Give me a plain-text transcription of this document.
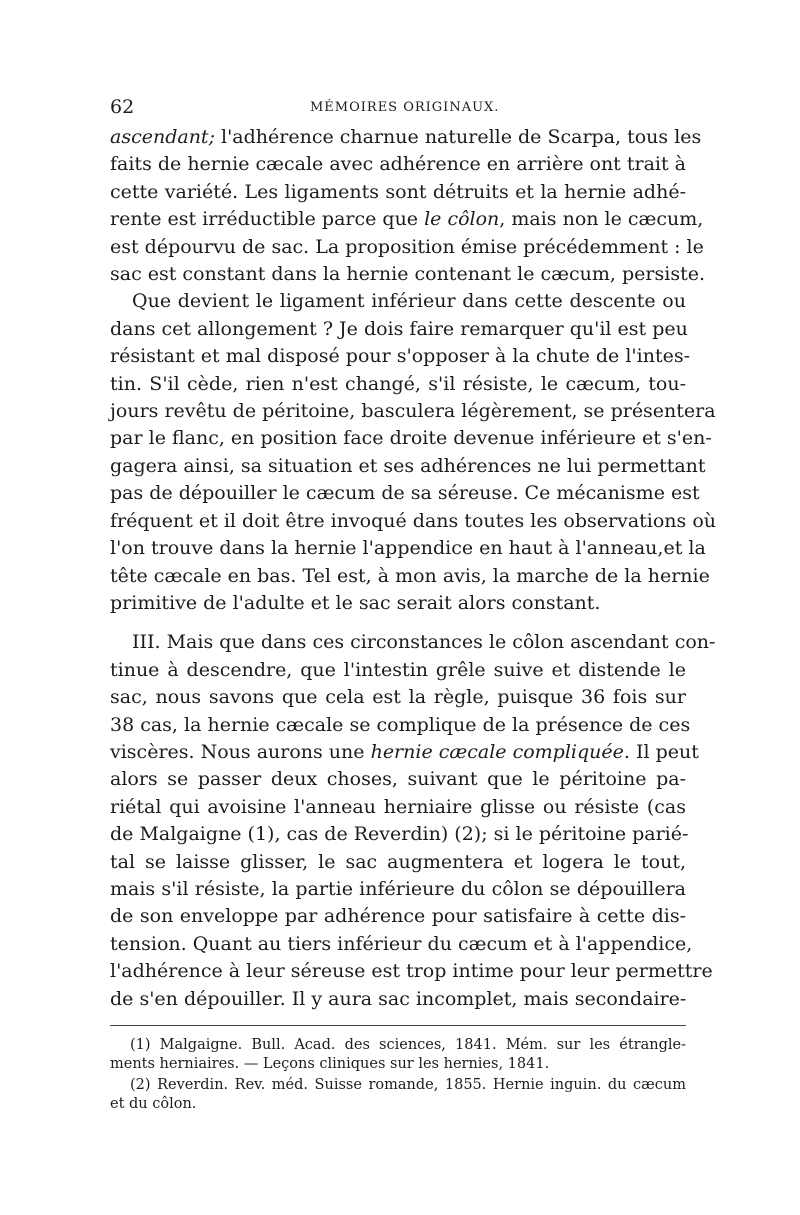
62	MÉMOIRES ORIGINAUX.
ascendant; l'adhérence charnue naturelle de Scarpa, tous les
faits de hernie cæcale avec adhérence en arrière ont trait à
cette variété. Les ligaments sont détruits et la hernie adhé-
rente est irréductible parce que le côlon, mais non le cæcum,
est dépourvu de sac. La proposition émise précédemment : le
sac est constant dans la hernie contenant le cæcum, persiste.
Que devient le ligament inférieur dans cette descente ou
dans cet allongement ? Je dois faire remarquer qu'il est peu
résistant et mal disposé pour s'opposer à la chute de l'intes-
tin. S'il cède, rien n'est changé, s'il résiste, le cæcum, tou-
jours revêtu de péritoine, basculera légèrement, se présentera
par le flanc, en position face droite devenue inférieure et s'en-
gagera ainsi, sa situation et ses adhérences ne lui permettant
pas de dépouiller le cæcum de sa séreuse. Ce mécanisme est
fréquent et il doit être invoqué dans toutes les observations où
l'on trouve dans la hernie l'appendice en haut à l'anneau,et la
tête cæcale en bas. Tel est, à mon avis, la marche de la hernie
primitive de l'adulte et le sac serait alors constant.
III. Mais que dans ces circonstances le côlon ascendant con-
tinue à descendre, que l'intestin grêle suive et distende le
sac, nous savons que cela est la règle, puisque 36 fois sur
38 cas, la hernie cæcale se complique de la présence de ces
viscères. Nous aurons une hernie cæcale compliquée. Il peut
alors se passer deux choses, suivant que le péritoine pa-
riétal qui avoisine l'anneau herniaire glisse ou résiste (cas
de Malgaigne (1), cas de Reverdin) (2); si le péritoine parié-
tal se laisse glisser, le sac augmentera et logera le tout,
mais s'il résiste, la partie inférieure du côlon se dépouillera
de son enveloppe par adhérence pour satisfaire à cette dis-
tension. Quant au tiers inférieur du cæcum et à l'appendice,
l'adhérence à leur séreuse est trop intime pour leur permettre
de s'en dépouiller. Il y aura sac incomplet, mais secondaire-
(1) Malgaigne. Bull. Acad. des sciences, 1841. Mém. sur les étrangle-
ments herniaires. — Leçons cliniques sur les hernies, 1841.
(2) Reverdin. Rev. méd. Suisse romande, 1855. Hernie inguin. du cæcum
et du côlon.
